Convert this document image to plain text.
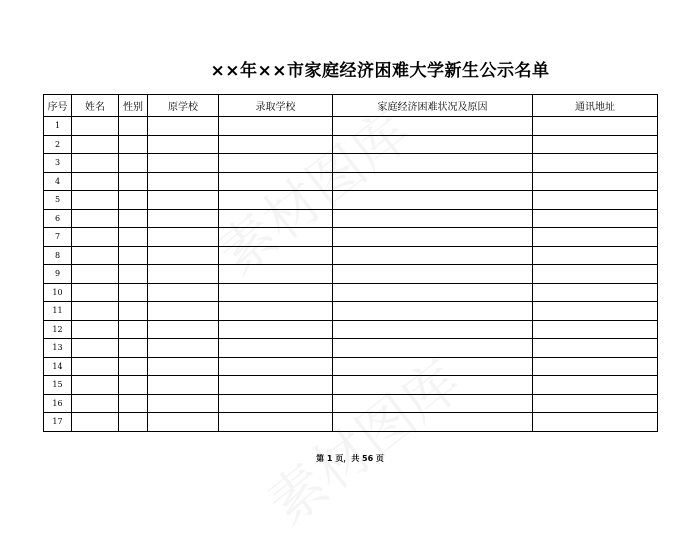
××年××市家庭经济困难大学新生公示名单
序号	姓名	性别	原学校	录取学校	家庭经济困难状况及原因	通讯地址
1						
2						
3						
4						
5						
6						
7						
8						
9						
10						
11						
12						
13						
14						
15						
16						
17						
第 1 页，共 56 页
